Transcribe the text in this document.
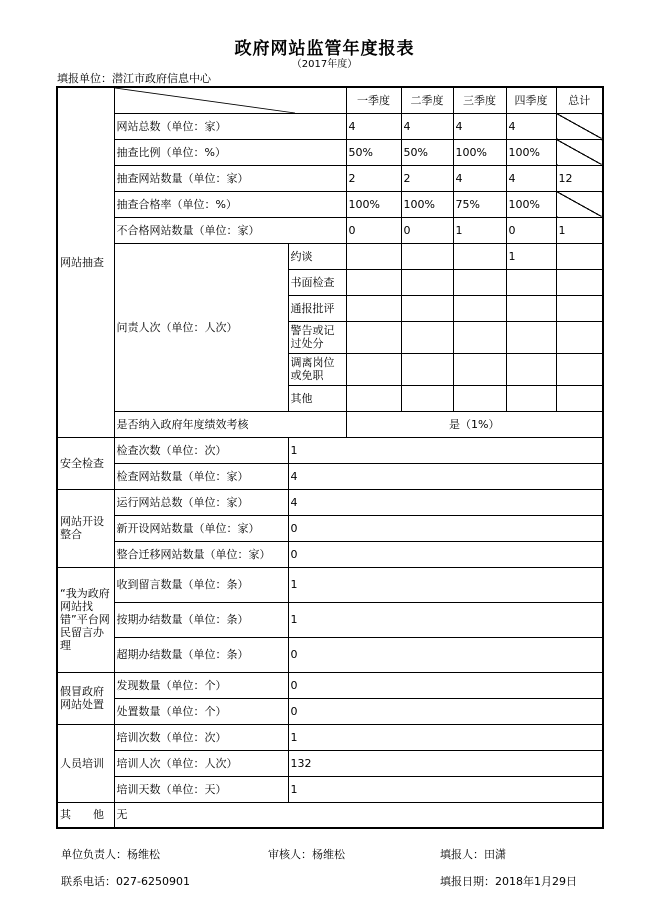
政府网站监管年度报表
（2017年度）
填报单位：潜江市政府信息中心
网站抽查			一季度	二季度	三季度	四季度	总计
	网站总数（单位：家）		4	4	4	4	
	抽查比例（单位：%）		50%	50%	100%	100%	
	抽查网站数量（单位：家）		2	2	4	4	12
	抽查合格率（单位：%）		100%	100%	75%	100%	
	不合格网站数量（单位：家）		0	0	1	0	1
	问责人次（单位：人次）	约谈				1	
		书面检查					
		通报批评					
		警告或记过处分					
		调离岗位或免职					
		其他					
	是否纳入政府年度绩效考核		是（1%）				
安全检查	检查次数（单位：次）	1					
	检查网站数量（单位：家）	4					
网站开设整合	运行网站总数（单位：家）	4					
	新开设网站数量（单位：家）	0					
	整合迁移网站数量（单位：家）	0					
“我为政府网站找错”平台网民留言办理	收到留言数量（单位：条）	1					
	按期办结数量（单位：条）	1					
	超期办结数量（单位：条）	0					
假冒政府网站处置	发现数量（单位：个）	0					
	处置数量（单位：个）	0					
人员培训	培训次数（单位：次）	1					
	培训人次（单位：人次）	132					
	培训天数（单位：天）	1					
其　　他	无						
单位负责人：杨维松	审核人：杨维松	填报人：田潇
联系电话：027-6250901	填报日期：2018年1月29日
